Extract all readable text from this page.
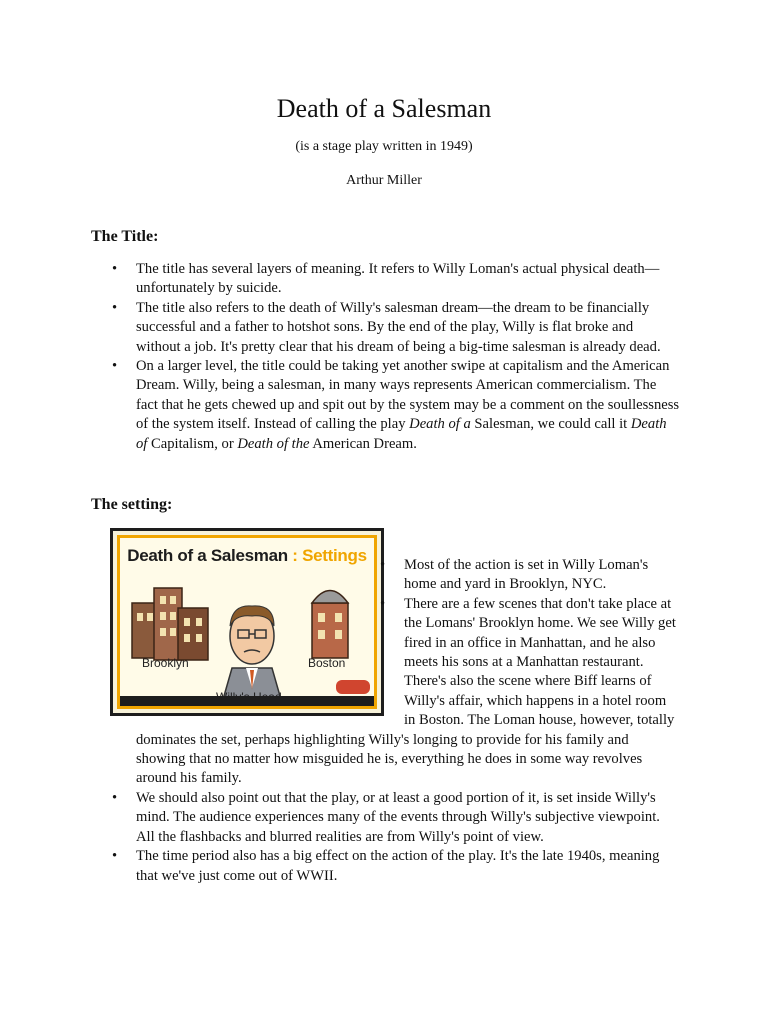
Death of a Salesman
(is a stage play written in 1949)
Arthur Miller
The Title:
• The title has several layers of meaning. It refers to Willy Loman's actual physical death—unfortunately by suicide.
• The title also refers to the death of Willy's salesman dream—the dream to be financially successful and a father to hotshot sons. By the end of the play, Willy is flat broke and without a job. It's pretty clear that his dream of being a big-time salesman is already dead.
• On a larger level, the title could be taking yet another swipe at capitalism and the American Dream. Willy, being a salesman, in many ways represents American commercialism. The fact that he gets chewed up and spit out by the system may be a comment on the soullessness of the system itself. Instead of calling the play Death of a Salesman, we could call it Death of Capitalism, or Death of the American Dream.
The setting:
Death of a Salesman : Settings
Brooklyn	Boston
• Most of the action is set in Willy Loman's home and yard in Brooklyn, NYC.
• There are a few scenes that don't take place at the Lomans' Brooklyn home. We see Willy get fired in an office in Manhattan, and he also meets his sons at a Manhattan restaurant. There's also the scene where Biff learns of Willy's affair, which happens in a hotel room in Boston. The Loman house, however, totally dominates the set, perhaps highlighting Willy's longing to provide for his family and showing that no matter how misguided he is, everything he does in some way revolves around his family.
• We should also point out that the play, or at least a good portion of it, is set inside Willy's mind. The audience experiences many of the events through Willy's subjective viewpoint. All the flashbacks and blurred realities are from Willy's point of view.
• The time period also has a big effect on the action of the play. It's the late 1940s, meaning that we've just come out of WWII.
